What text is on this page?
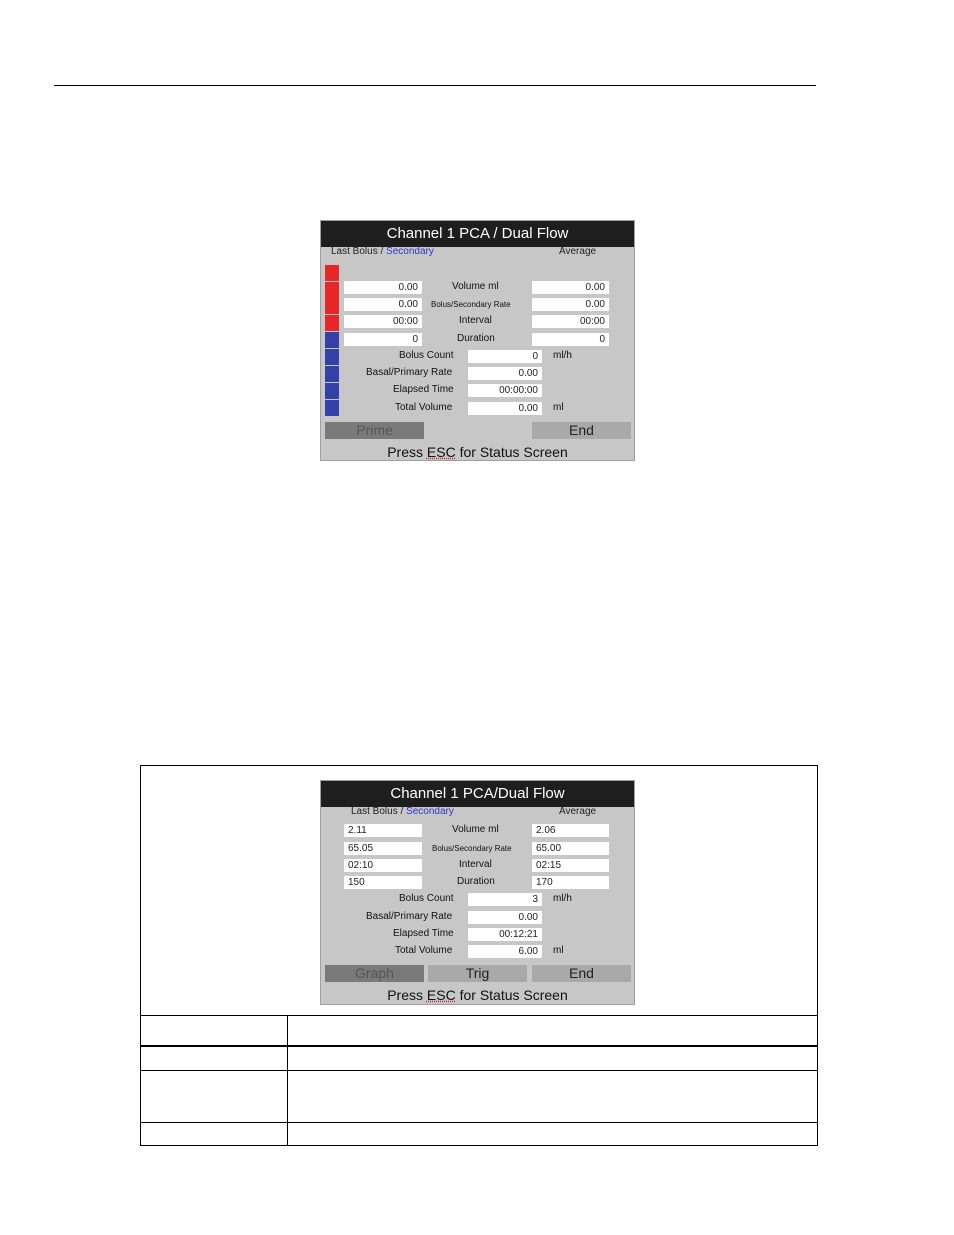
Channel 1 PCA / Dual Flow
Last Bolus / Secondary	Average
0.00	Volume ml	0.00
0.00	Bolus/Secondary Rate	0.00
00:00	Interval	00:00
0	Duration	0
Bolus Count	0	ml/h
Basal/Primary Rate	0.00
Elapsed Time	00:00:00
Total Volume	0.00	ml
Prime	End
Press ESC for Status Screen
Channel 1 PCA/Dual Flow
Last Bolus / Secondary	Average
2.11	Volume ml	2.06
65.05	Bolus/Secondary Rate	65.00
02:10	Interval	02:15
150	Duration	170
Bolus Count	3	ml/h
Basal/Primary Rate	0.00
Elapsed Time	00:12:21
Total Volume	6.00	ml
Graph	Trig	End
Press ESC for Status Screen
